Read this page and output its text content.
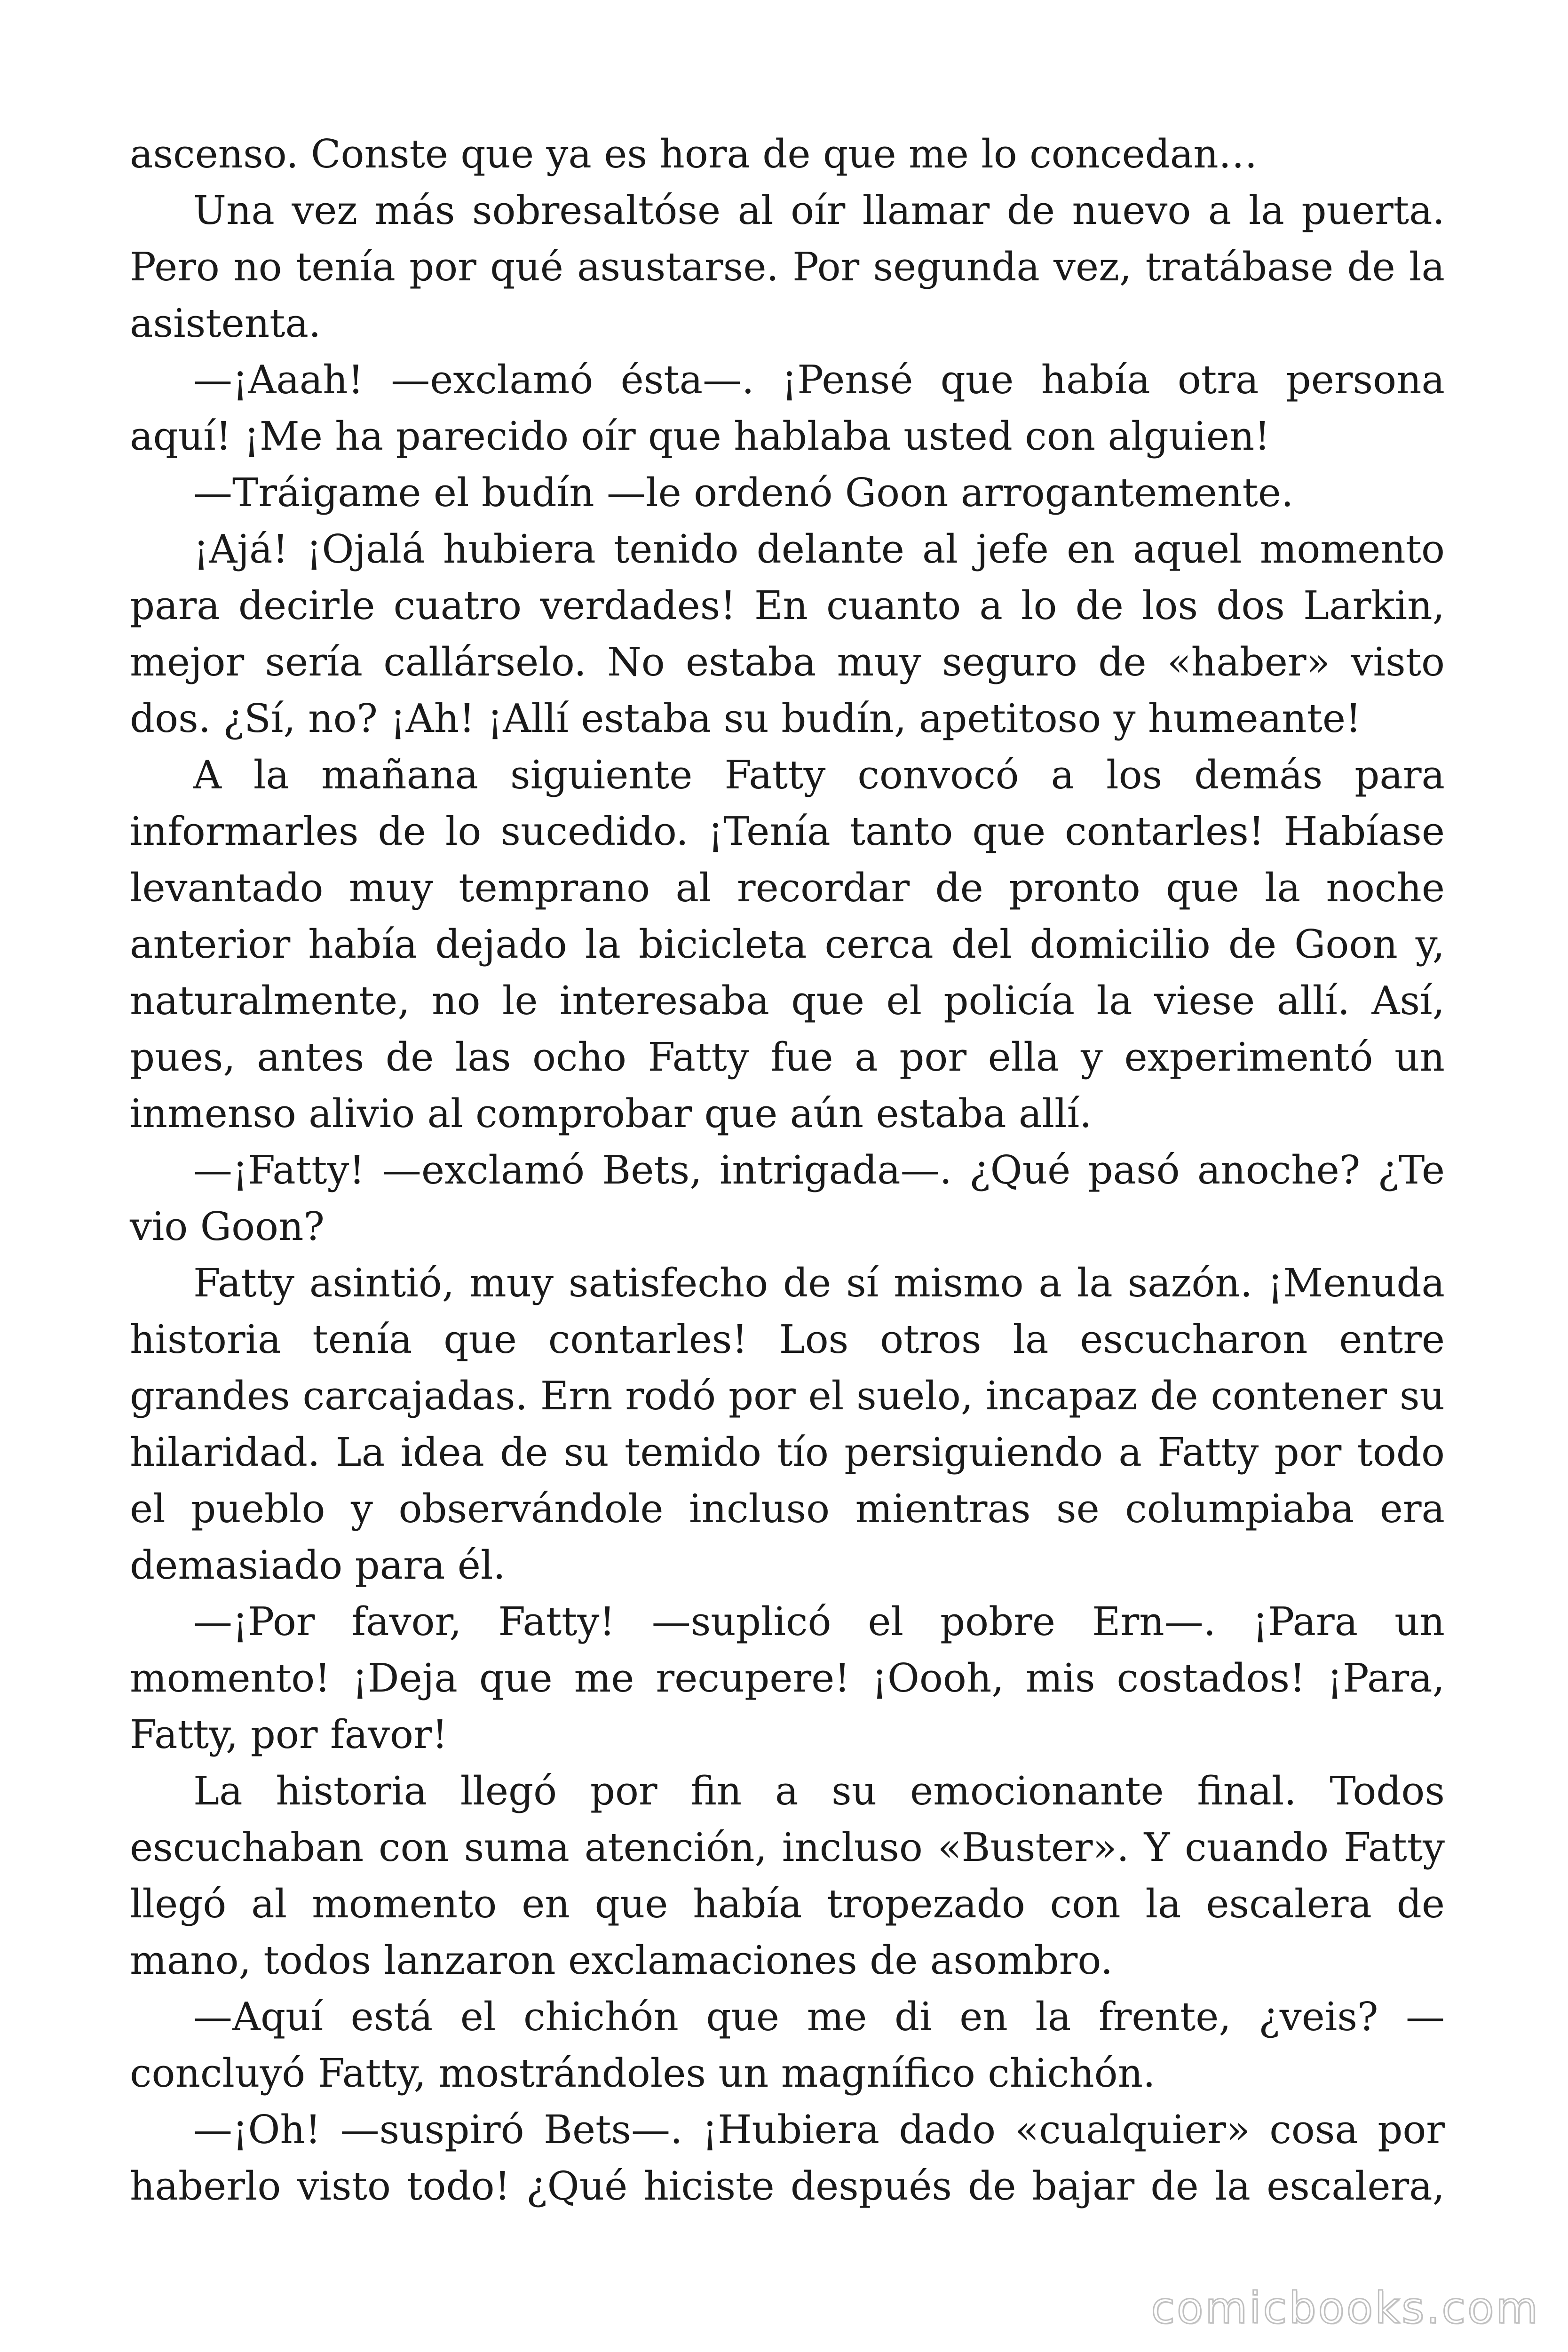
ascenso. Conste que ya es hora de que me lo concedan…

Una vez más sobresaltóse al oír llamar de nuevo a la puerta. Pero no tenía por qué asustarse. Por segunda vez, tratábase de la asistenta.

—¡Aaah! —exclamó ésta—. ¡Pensé que había otra persona aquí! ¡Me ha parecido oír que hablaba usted con alguien!

—Tráigame el budín —le ordenó Goon arrogantemente.

¡Ajá! ¡Ojalá hubiera tenido delante al jefe en aquel momento para decirle cuatro verdades! En cuanto a lo de los dos Larkin, mejor sería callárselo. No estaba muy seguro de «haber» visto dos. ¿Sí, no? ¡Ah! ¡Allí estaba su budín, apetitoso y humeante!

A la mañana siguiente Fatty convocó a los demás para informarles de lo sucedido. ¡Tenía tanto que contarles! Habíase levantado muy temprano al recordar de pronto que la noche anterior había dejado la bicicleta cerca del domicilio de Goon y, naturalmente, no le interesaba que el policía la viese allí. Así, pues, antes de las ocho Fatty fue a por ella y experimentó un inmenso alivio al comprobar que aún estaba allí.

—¡Fatty! —exclamó Bets, intrigada—. ¿Qué pasó anoche? ¿Te vio Goon?

Fatty asintió, muy satisfecho de sí mismo a la sazón. ¡Menuda historia tenía que contarles! Los otros la escucharon entre grandes carcajadas. Ern rodó por el suelo, incapaz de contener su hilaridad. La idea de su temido tío persiguiendo a Fatty por todo el pueblo y observándole incluso mientras se columpiaba era demasiado para él.

—¡Por favor, Fatty! —suplicó el pobre Ern—. ¡Para un momento! ¡Deja que me recupere! ¡Oooh, mis costados! ¡Para, Fatty, por favor!

La historia llegó por fin a su emocionante final. Todos escuchaban con suma atención, incluso «Buster». Y cuando Fatty llegó al momento en que había tropezado con la escalera de mano, todos lanzaron exclamaciones de asombro.

—Aquí está el chichón que me di en la frente, ¿veis? —concluyó Fatty, mostrándoles un magnífico chichón.

—¡Oh! —suspiró Bets—. ¡Hubiera dado «cualquier» cosa por haberlo visto todo! ¿Qué hiciste después de bajar de la escalera,

comicbooks.com
